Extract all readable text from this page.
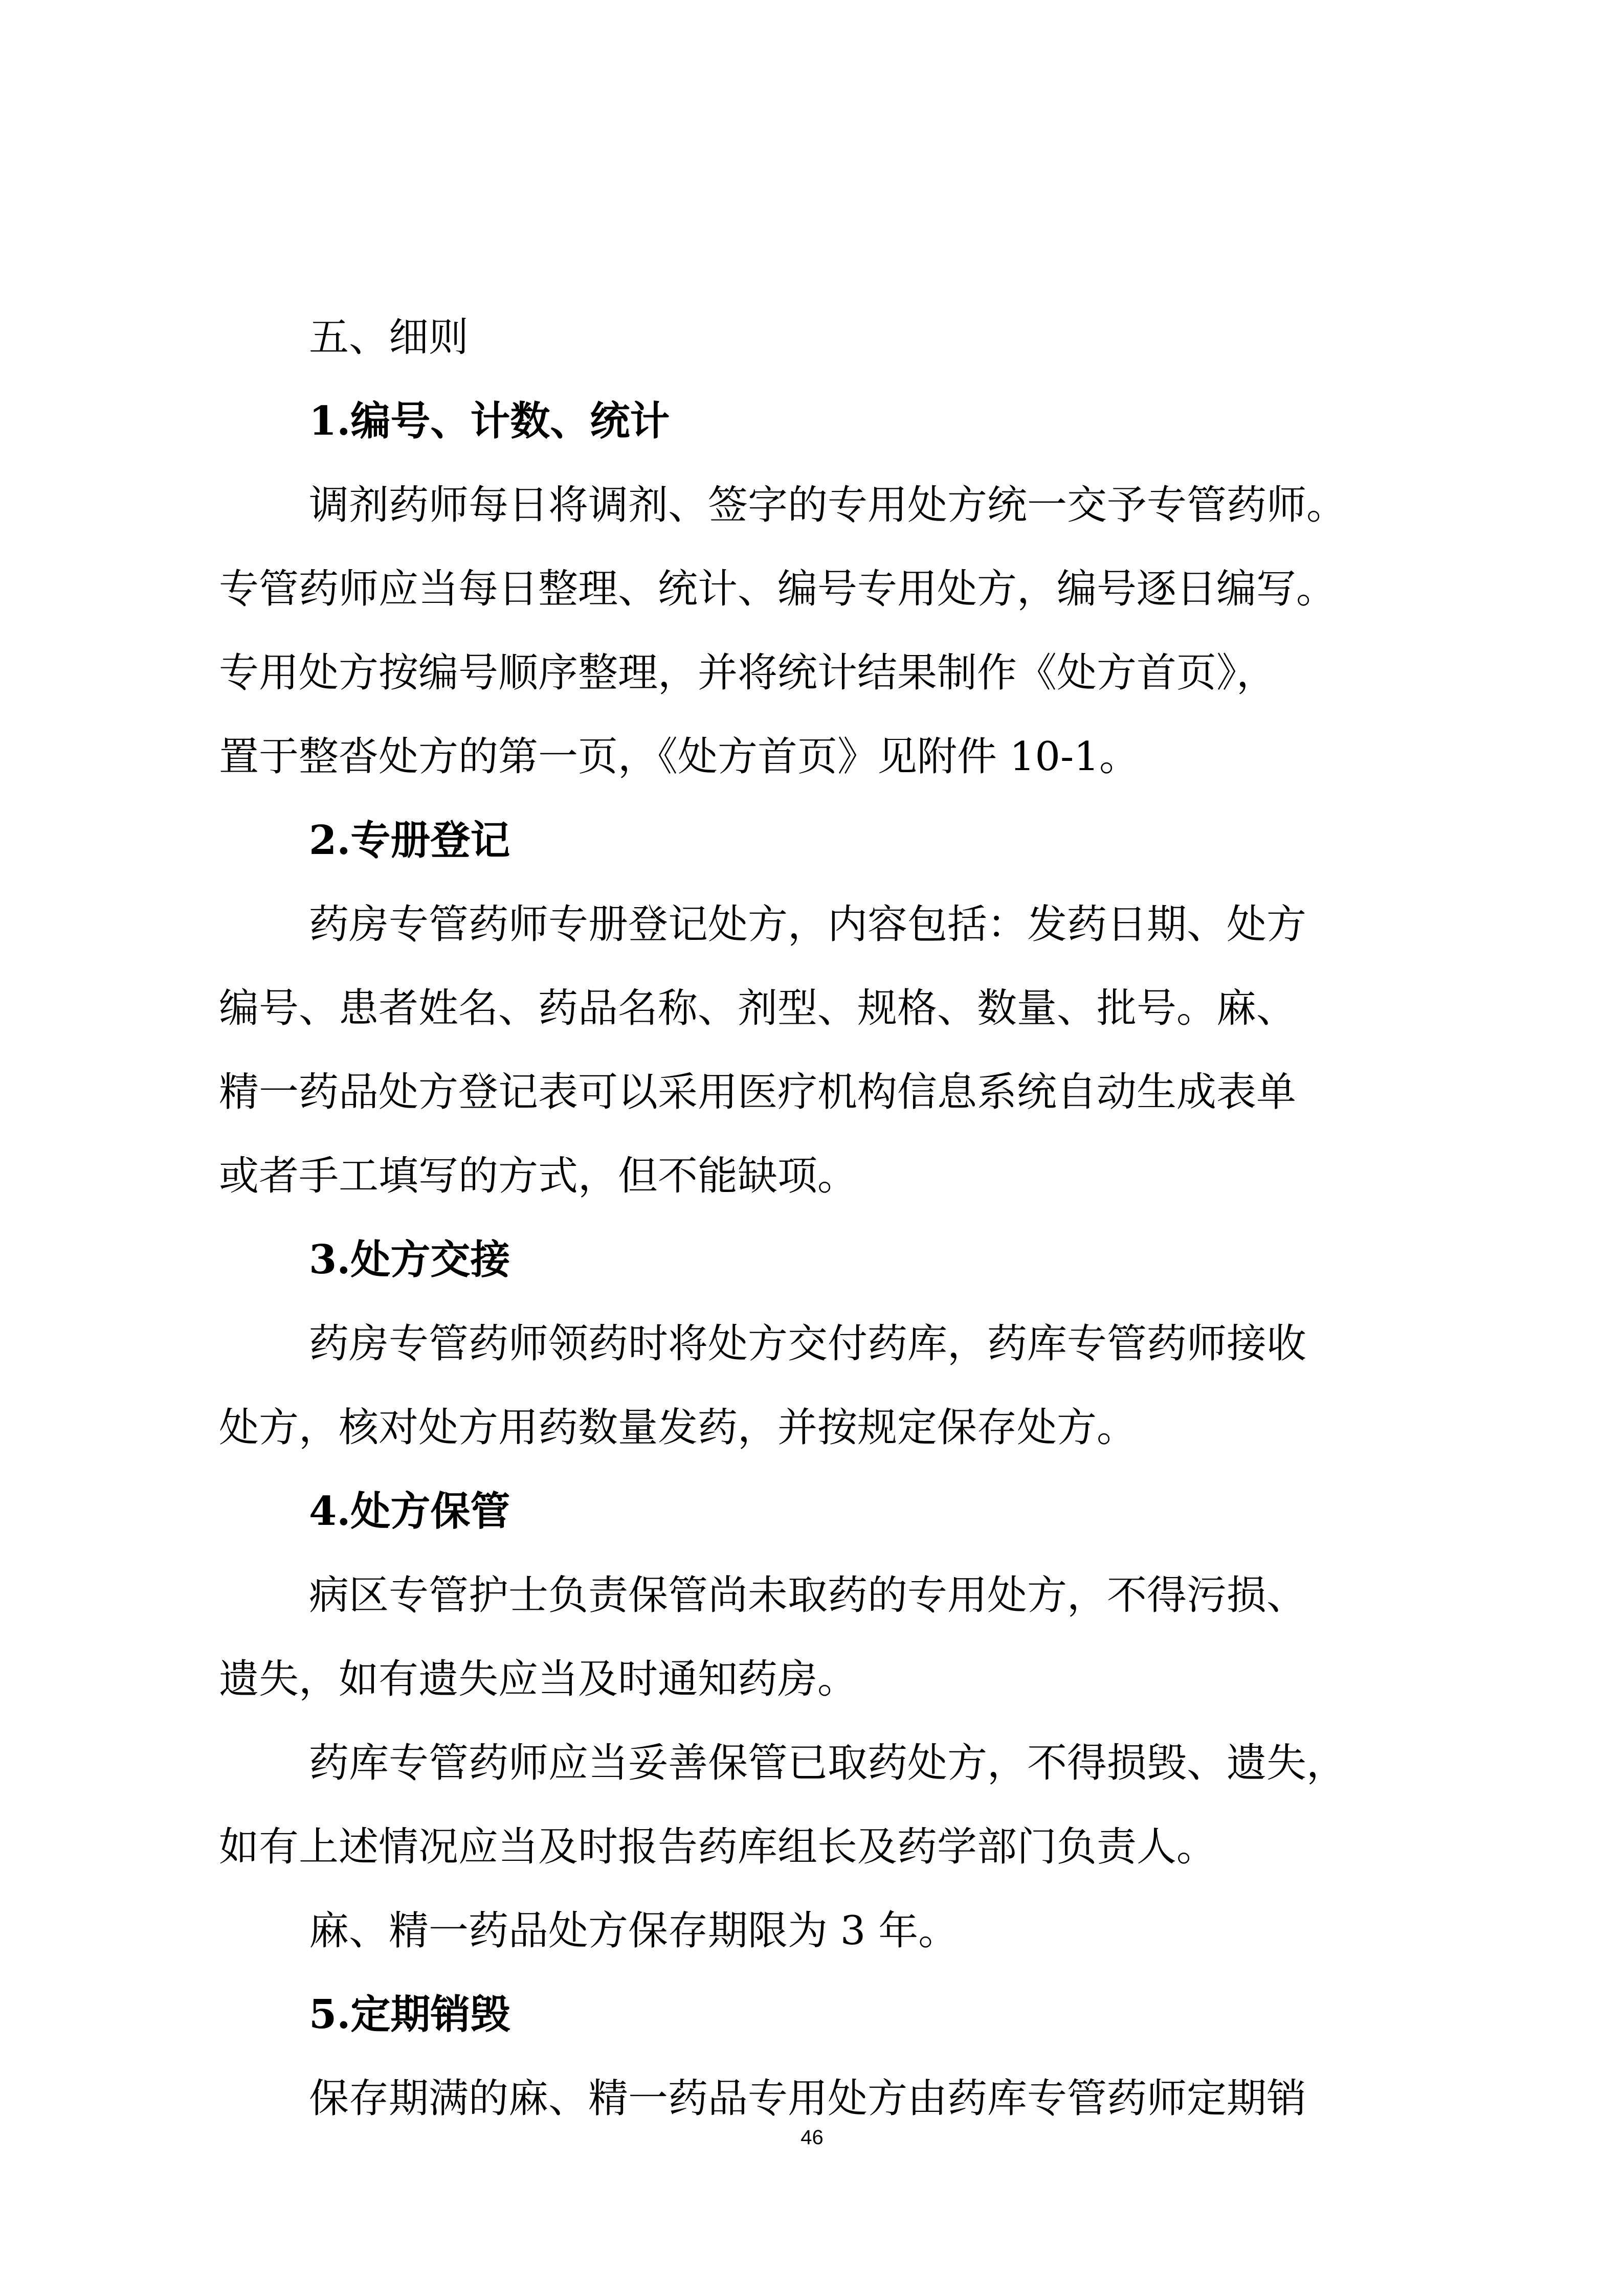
五、细则

1.编号、计数、统计

调剂药师每日将调剂、签字的专用处方统一交予专管药师。

专管药师应当每日整理、统计、编号专用处方，编号逐日编写。

专用处方按编号顺序整理，并将统计结果制作《处方首页》，

置于整沓处方的第一页，《处方首页》见附件 10-1。

2.专册登记

药房专管药师专册登记处方，内容包括：发药日期、处方

编号、患者姓名、药品名称、剂型、规格、数量、批号。麻、

精一药品处方登记表可以采用医疗机构信息系统自动生成表单

或者手工填写的方式，但不能缺项。

3.处方交接

药房专管药师领药时将处方交付药库，药库专管药师接收

处方，核对处方用药数量发药，并按规定保存处方。

4.处方保管

病区专管护士负责保管尚未取药的专用处方，不得污损、

遗失，如有遗失应当及时通知药房。

药库专管药师应当妥善保管已取药处方，不得损毁、遗失，

如有上述情况应当及时报告药库组长及药学部门负责人。

麻、精一药品处方保存期限为 3 年。

5.定期销毁

保存期满的麻、精一药品专用处方由药库专管药师定期销

46
